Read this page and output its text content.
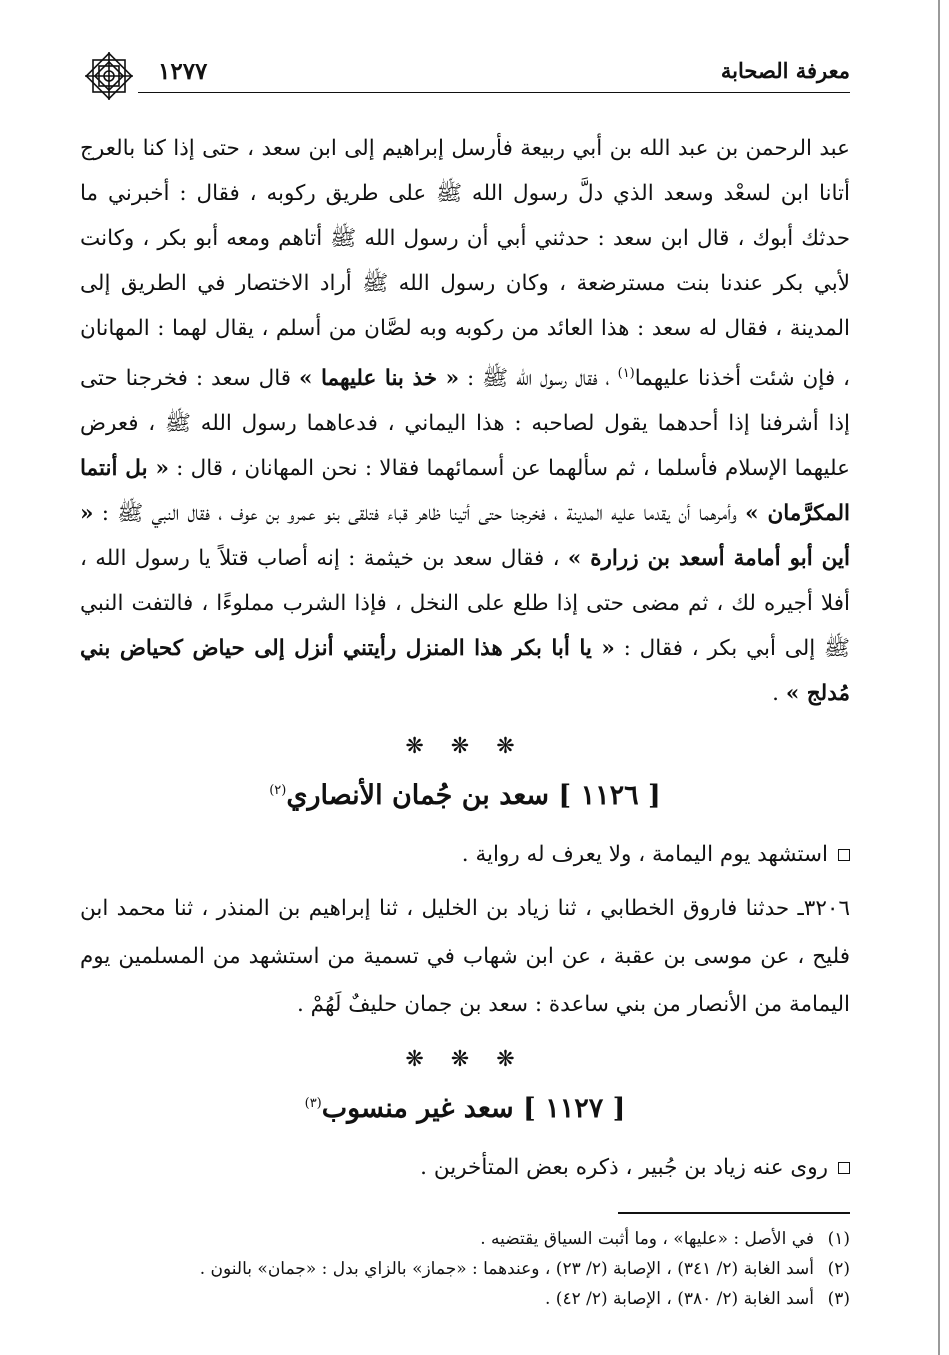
معرفة الصحابة
١٢٧٧

عبد الرحمن بن عبد الله بن أبي ربيعة فأرسل إبراهيم إلى ابن سعد ، حتى إذا كنا بالعرج أتانا ابن لسعْد وسعد الذي دلَّ رسول الله ﷺ على طريق ركوبه ، فقال : أخبرني ما حدثك أبوك ، قال ابن سعد : حدثني أبي أن رسول الله ﷺ أتاهم ومعه أبو بكر ، وكانت لأبي بكر عندنا بنت مسترضعة ، وكان رسول الله ﷺ أراد الاختصار في الطريق إلى المدينة ، فقال له سعد : هذا العائد من ركوبه وبه لصَّان من أسلم ، يقال لهما : المهانان ، فإن شئت أخذنا عليهما$^{(١)}$ ، فقال رسول الله ﷺ : « خذ بنا عليهما » قال سعد : فخرجنا حتى إذا أشرفنا إذا أحدهما يقول لصاحبه : هذا اليماني ، فدعاهما رسول الله ﷺ ، فعرض عليهما الإسلام فأسلما ، ثم سألهما عن أسمائهما فقالا : نحن المهانان ، قال : « بل أنتما المكرَّمان » وأمرهما أن يقدما عليه المدينة ، فخرجنا حتى أتينا ظاهر قباء فتلقى بنو عمرو بن عوف ، فقال النبي ﷺ : « أين أبو أمامة أسعد بن زرارة » ، فقال سعد بن خيثمة : إنه أصاب قتلاً يا رسول الله ، أفلا أجيره لك ، ثم مضى حتى إذا طلع على النخل ، فإذا الشرب مملوءًا ، فالتفت النبي ﷺ إلى أبي بكر ، فقال : « يا أبا بكر هذا المنزل رأيتني أنزل إلى حياض كحياض بني مُدلج » .

❋ ❋ ❋
[ ١١٢٦ ] سعد بن جُمان الأنصاري$^{(٢)}$

استشهد يوم اليمامة ، ولا يعرف له رواية .

٣٢٠٦ـ حدثنا فاروق الخطابي ، ثنا زياد بن الخليل ، ثنا إبراهيم بن المنذر ، ثنا محمد ابن فليح ، عن موسى بن عقبة ، عن ابن شهاب في تسمية من استشهد من المسلمين يوم اليمامة من الأنصار من بني ساعدة : سعد بن جمان حليفٌ لَهُمْ .

❋ ❋ ❋
[ ١١٢٧ ] سعد غير منسوب$^{(٣)}$

روى عنه زياد بن جُبير ، ذكره بعض المتأخرين .

(١)في الأصل : «عليها» ، وما أثبت السياق يقتضيه .
(٢)أسد الغابة (٢/ ٣٤١) ، الإصابة (٢/ ٢٣) ، وعندهما : «جماز» بالزاي بدل : «جمان» بالنون .
(٣)أسد الغابة (٢/ ٣٨٠) ، الإصابة (٢/ ٤٢) .
